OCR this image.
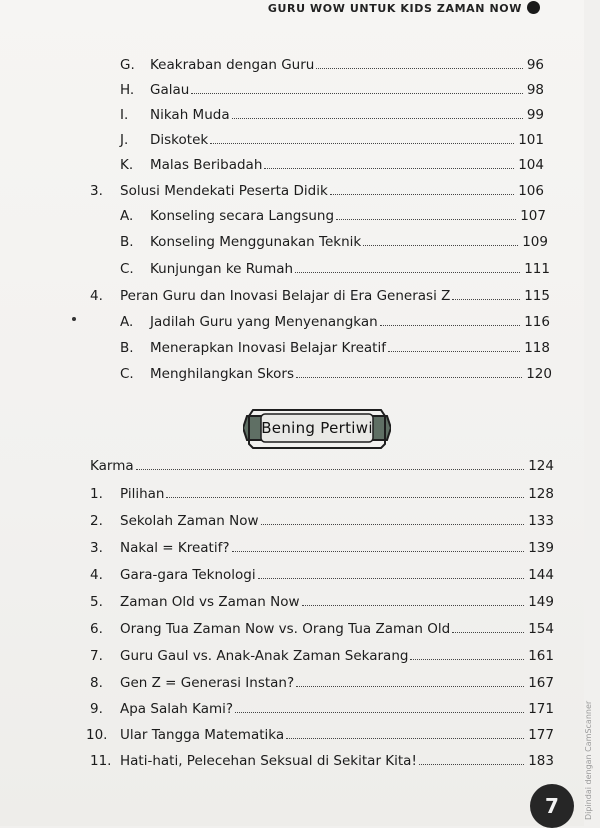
GURU WOW UNTUK KIDS ZAMAN NOW
G.	Keakraban dengan Guru	96
H.	Galau	98
I.	Nikah Muda	99
J.	Diskotek	101
K.	Malas Beribadah	104
3.	Solusi Mendekati Peserta Didik	106
A.	Konseling secara Langsung	107
B.	Konseling Menggunakan Teknik	109
C.	Kunjungan ke Rumah	111
4.	Peran Guru dan Inovasi Belajar di Era Generasi Z	115
A.	Jadilah Guru yang Menyenangkan	116
B.	Menerapkan Inovasi Belajar Kreatif	118
C.	Menghilangkan Skors	120
Bening Pertiwi
Karma	124
1.	Pilihan	128
2.	Sekolah Zaman Now	133
3.	Nakal = Kreatif?	139
4.	Gara-gara Teknologi	144
5.	Zaman Old vs Zaman Now	149
6.	Orang Tua Zaman Now vs. Orang Tua Zaman Old	154
7.	Guru Gaul vs. Anak-Anak Zaman Sekarang	161
8.	Gen Z = Generasi Instan?	167
9.	Apa Salah Kami?	171
10. Ular Tangga Matematika	177
11. Hati-hati, Pelecehan Seksual di Sekitar Kita!	183
7	Dipindai dengan CamScanner
